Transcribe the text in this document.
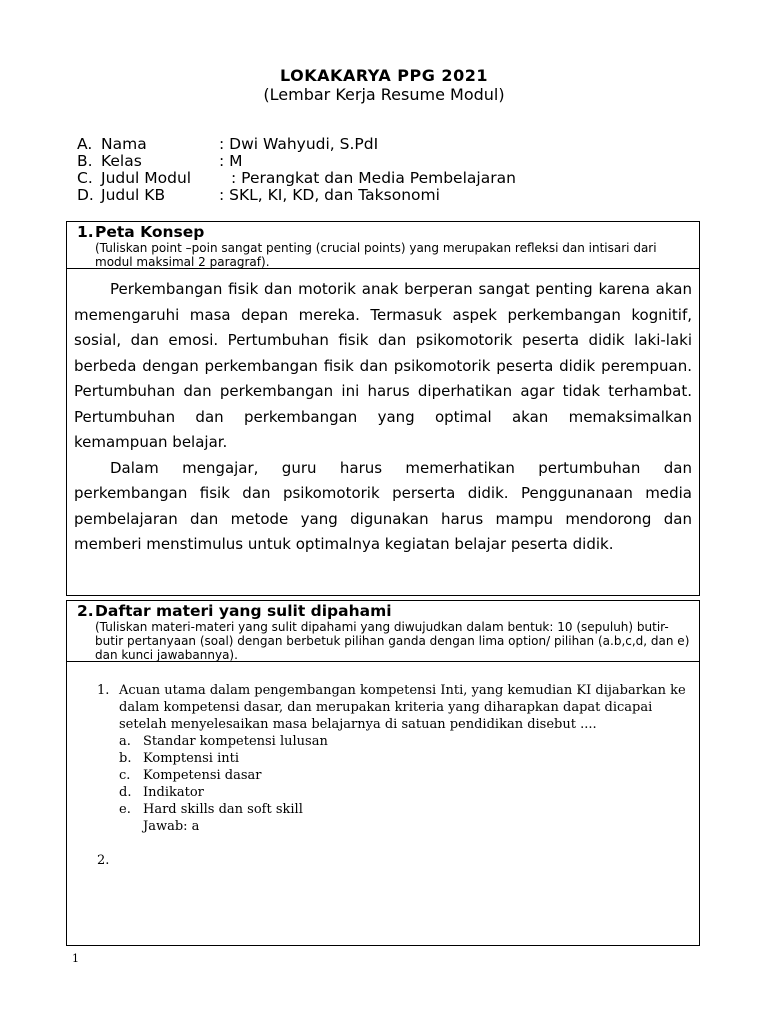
LOKAKARYA PPG 2021
(Lembar Kerja Resume Modul)
A. Nama	: Dwi Wahyudi, S.PdI
B. Kelas	: M
C. Judul Modul	: Perangkat dan Media Pembelajaran
D. Judul KB	: SKL, KI, KD, dan Taksonomi
1.Peta Konsep
(Tuliskan point –poin sangat penting (crucial points) yang merupakan refleksi dan intisari dari modul maksimal 2 paragraf).

Perkembangan fisik dan motorik anak berperan sangat penting karena akan memengaruhi masa depan mereka. Termasuk aspek perkembangan kognitif, sosial, dan emosi. Pertumbuhan fisik dan psikomotorik peserta didik laki-laki berbeda dengan perkembangan fisik dan psikomotorik peserta didik perempuan. Pertumbuhan dan perkembangan ini harus diperhatikan agar tidak terhambat. Pertumbuhan dan perkembangan yang optimal akan memaksimalkan kemampuan belajar.

Dalam mengajar, guru harus memerhatikan pertumbuhan dan perkembangan fisik dan psikomotorik perserta didik. Penggunanaan media pembelajaran dan metode yang digunakan harus mampu mendorong dan memberi menstimulus untuk optimalnya kegiatan belajar peserta didik.

2.Daftar materi yang sulit dipahami
(Tuliskan materi-materi yang sulit dipahami yang diwujudkan dalam bentuk: 10 (sepuluh) butir-butir pertanyaan (soal) dengan berbetuk pilihan ganda dengan lima option/ pilihan (a.b,c,d, dan e) dan kunci jawabannya).
1. Acuan utama dalam pengembangan kompetensi Inti, yang kemudian KI dijabarkan ke dalam kompetensi dasar, dan merupakan kriteria yang diharapkan dapat dicapai setelah menyelesaikan masa belajarnya di satuan pendidikan disebut ....
a. Standar kompetensi lulusan
b. Komptensi inti
c. Kompetensi dasar
d. Indikator
e. Hard skills dan soft skill
Jawab: a
2.
1
